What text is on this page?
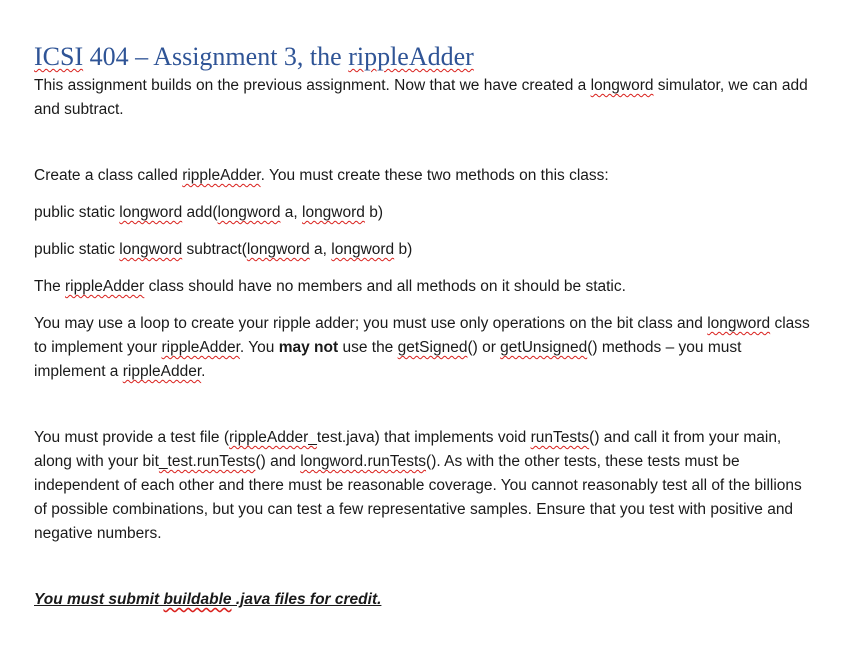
ICSI 404 – Assignment 3, the rippleAdder

This assignment builds on the previous assignment. Now that we have created a longword simulator, we can add and subtract.

Create a class called rippleAdder. You must create these two methods on this class:

public static longword add(longword a, longword b)

public static longword subtract(longword a, longword b)

The rippleAdder class should have no members and all methods on it should be static.

You may use a loop to create your ripple adder; you must use only operations on the bit class and longword class to implement your rippleAdder. You may not use the getSigned() or getUnsigned() methods – you must implement a rippleAdder.

You must provide a test file (rippleAdder_test.java) that implements void runTests() and call it from your main, along with your bit_test.runTests() and longword.runTests(). As with the other tests, these tests must be independent of each other and there must be reasonable coverage. You cannot reasonably test all of the billions of possible combinations, but you can test a few representative samples. Ensure that you test with positive and negative numbers.

You must submit buildable .java files for credit.
